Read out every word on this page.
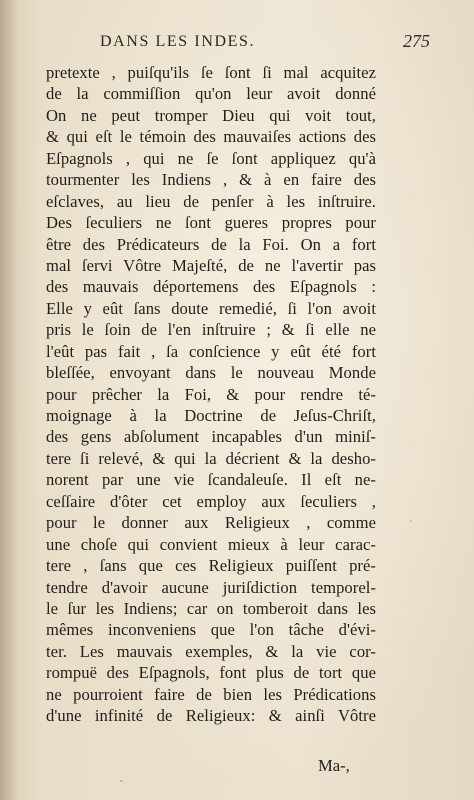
DANS LES INDES.	275
pretexte , puiſqu'ils ſe ſont ſi mal acquitez
de la commiſſion qu'on leur avoit donné
On ne peut tromper Dieu qui voit tout,
& qui eſt le témoin des mauvaiſes actions des
Eſpagnols , qui ne ſe ſont appliquez qu'à
tourmenter les Indiens , & à en faire des
eſclaves, au lieu de penſer à les inſtruire.
Des ſeculiers ne ſont gueres propres pour
être des Prédicateurs de la Foi. On a fort
mal ſervi Vôtre Majeſté, de ne l'avertir pas
des mauvais déportemens des Eſpagnols :
Elle y eût ſans doute remedié, ſi l'on avoit
pris le ſoin de l'en inſtruire ; & ſi elle ne
l'eût pas fait , ſa conſcience y eût été fort
bleſſée, envoyant dans le nouveau Monde
pour prêcher la Foi, & pour rendre té-
moignage à la Doctrine de Jeſus-Chriſt,
des gens abſolument incapables d'un miniſ-
tere ſi relevé, & qui la décrient & la desho-
norent par une vie ſcandaleuſe. Il eſt ne-
ceſſaire d'ôter cet employ aux ſeculiers ,
pour le donner aux Religieux , comme
une choſe qui convient mieux à leur carac-
tere , ſans que ces Religieux puiſſent pré-
tendre d'avoir aucune juriſdiction temporel-
le ſur les Indiens; car on tomberoit dans les
mêmes inconveniens que l'on tâche d'évi-
ter. Les mauvais exemples, & la vie cor-
rompuë des Eſpagnols, font plus de tort que
ne pourroient faire de bien les Prédications
d'une infinité de Religieux: & ainſi Vôtre
Ma-,
